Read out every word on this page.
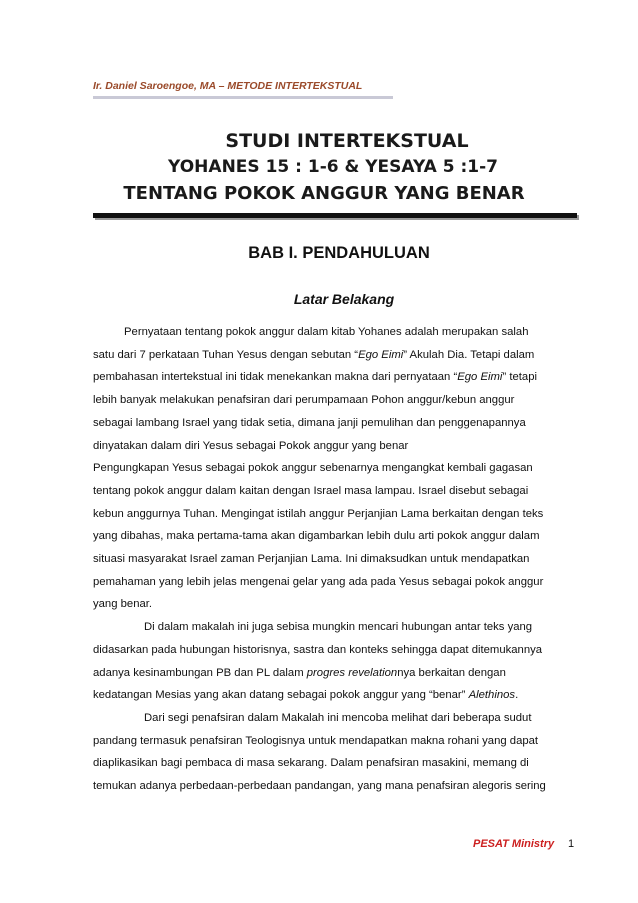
Ir. Daniel Saroengoe, MA – METODE INTERTEKSTUAL
STUDI INTERTEKSTUAL
YOHANES 15 : 1-6 & YESAYA 5 :1-7
TENTANG POKOK ANGGUR YANG BENAR
BAB I. PENDAHULUAN
Latar Belakang
Pernyataan tentang pokok anggur dalam kitab Yohanes adalah merupakan salah
satu dari 7 perkataan Tuhan Yesus dengan sebutan “Ego Eimi” Akulah Dia. Tetapi dalam
pembahasan intertekstual ini tidak menekankan makna dari pernyataan “Ego Eimi” tetapi
lebih banyak melakukan penafsiran dari perumpamaan Pohon anggur/kebun anggur
sebagai lambang Israel yang tidak setia, dimana janji pemulihan dan penggenapannya
dinyatakan dalam diri Yesus sebagai Pokok anggur yang benar
Pengungkapan Yesus sebagai pokok anggur sebenarnya mengangkat kembali gagasan
tentang pokok anggur dalam kaitan dengan Israel masa lampau. Israel disebut sebagai
kebun anggurnya Tuhan. Mengingat istilah anggur Perjanjian Lama berkaitan dengan teks
yang dibahas, maka pertama-tama akan digambarkan lebih dulu arti pokok anggur dalam
situasi masyarakat Israel zaman Perjanjian Lama. Ini dimaksudkan untuk mendapatkan
pemahaman yang lebih jelas mengenai gelar yang ada pada Yesus sebagai pokok anggur
yang benar.
Di dalam makalah ini juga sebisa mungkin mencari hubungan antar teks yang
didasarkan pada hubungan historisnya, sastra dan konteks sehingga dapat ditemukannya
adanya kesinambungan PB dan PL dalam progres revelationnya berkaitan dengan
kedatangan Mesias yang akan datang sebagai pokok anggur yang “benar” Alethinos.
Dari segi penafsiran dalam Makalah ini mencoba melihat dari beberapa sudut
pandang termasuk penafsiran Teologisnya untuk mendapatkan makna rohani yang dapat
diaplikasikan bagi pembaca di masa sekarang. Dalam penafsiran masakini, memang di
temukan adanya perbedaan-perbedaan pandangan, yang mana penafsiran alegoris sering
PESAT Ministry 1
